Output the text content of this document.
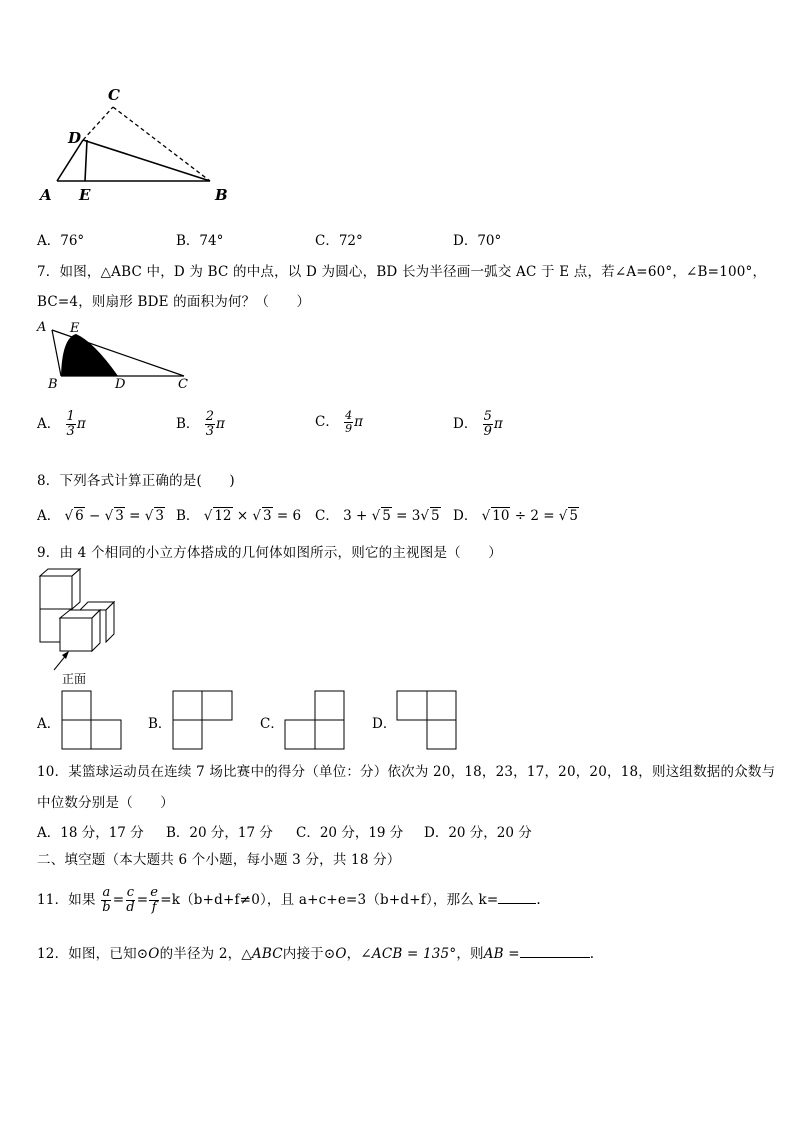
C
D
A E	B
A．76°	B．74°	C．72°	D．70°
7．如图，△ABC 中，D 为 BC 的中点，以 D 为圆心，BD 长为半径画一弧交 AC 于 E 点，若∠A=60°，∠B=100°，
BC=4，则扇形 BDE 的面积为何？（　　）
A E
B	D	C
A． $\frac{1}{3}$ π	B． $\frac{2}{3}$ π	C． $\frac{4}{9}$ π	D． $\frac{5}{9}$ π
8．下列各式计算正确的是(　　)
A． √ 6 − √ 3 = √ 3 B． √ 12 × √ 3 = 6 C． 3 + √ 5 = 3√ 5 D． √ 10 ÷ 2 = √ 5
9．由 4 个相同的小立方体搭成的几何体如图所示，则它的主视图是（　　）
正面
A．	B．	C．	D．
10．某篮球运动员在连续 7 场比赛中的得分（单位：分）依次为 20，18，23，17，20，20，18，则这组数据的众数与
中位数分别是（　　）
A．18 分，17 分 B．20 分，17 分 C．20 分，19 分 D．20 分，20 分
二、填空题（本大题共 6 个小题，每小题 3 分，共 18 分）
11．如果 $\frac{a}{b} = \frac{c}{d} = \frac{e}{f} =k(b+d+f\ne 0)$，且 a+c+e=3（b+d+f），那么 k=	.
12．如图，已知⊙O的半径为 2，△ABC内接于⊙O，∠ACB = 135°，则AB =	.
